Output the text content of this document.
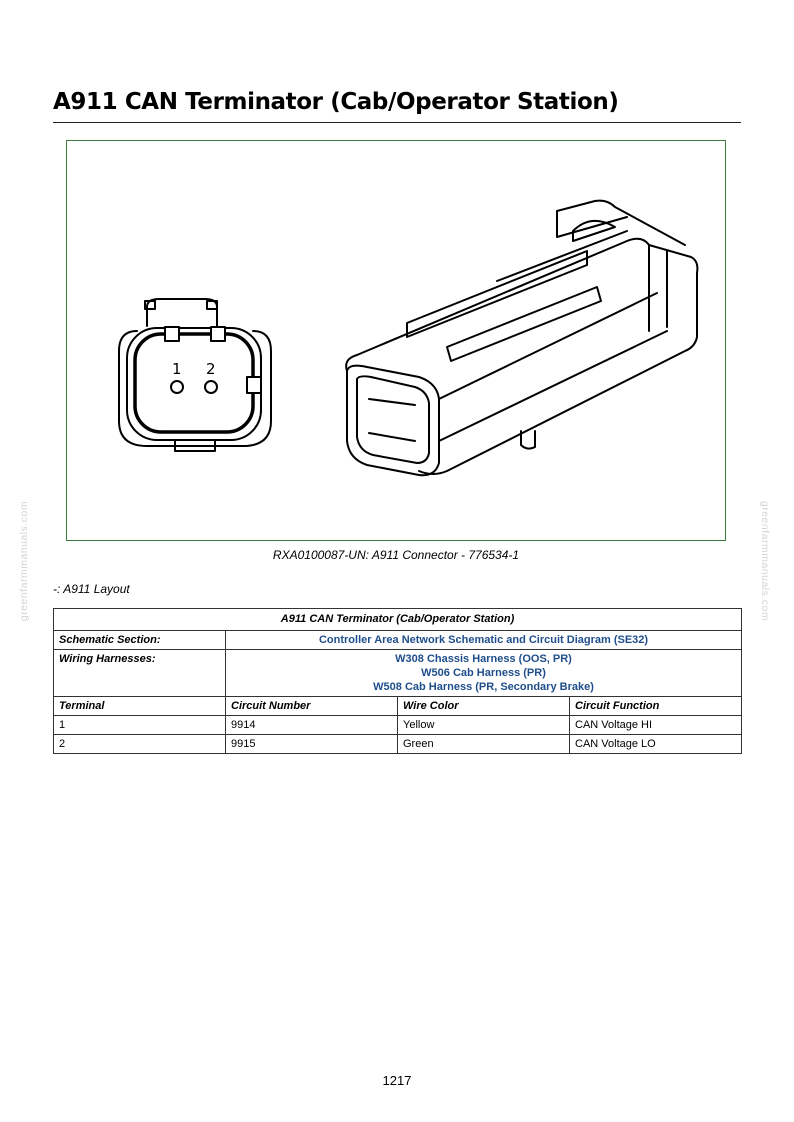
A911 CAN Terminator (Cab/Operator Station)
1 2
RXA0100087-UN: A911 Connector - 776534-1
-: A911 Layout
greenfarmmanuals.com	greenfarmmanuals.com
A911 CAN Terminator (Cab/Operator Station)			
Schematic Section:	Controller Area Network Schematic and Circuit Diagram (SE32)		
Wiring Harnesses:	W308 Chassis Harness (OOS, PR)
W506 Cab Harness (PR)
W508 Cab Harness (PR, Secondary Brake)		

Terminal	Circuit Number	Wire Color	Circuit Function
1	9914	Yellow	CAN Voltage HI
2	9915	Green	CAN Voltage LO
1217
